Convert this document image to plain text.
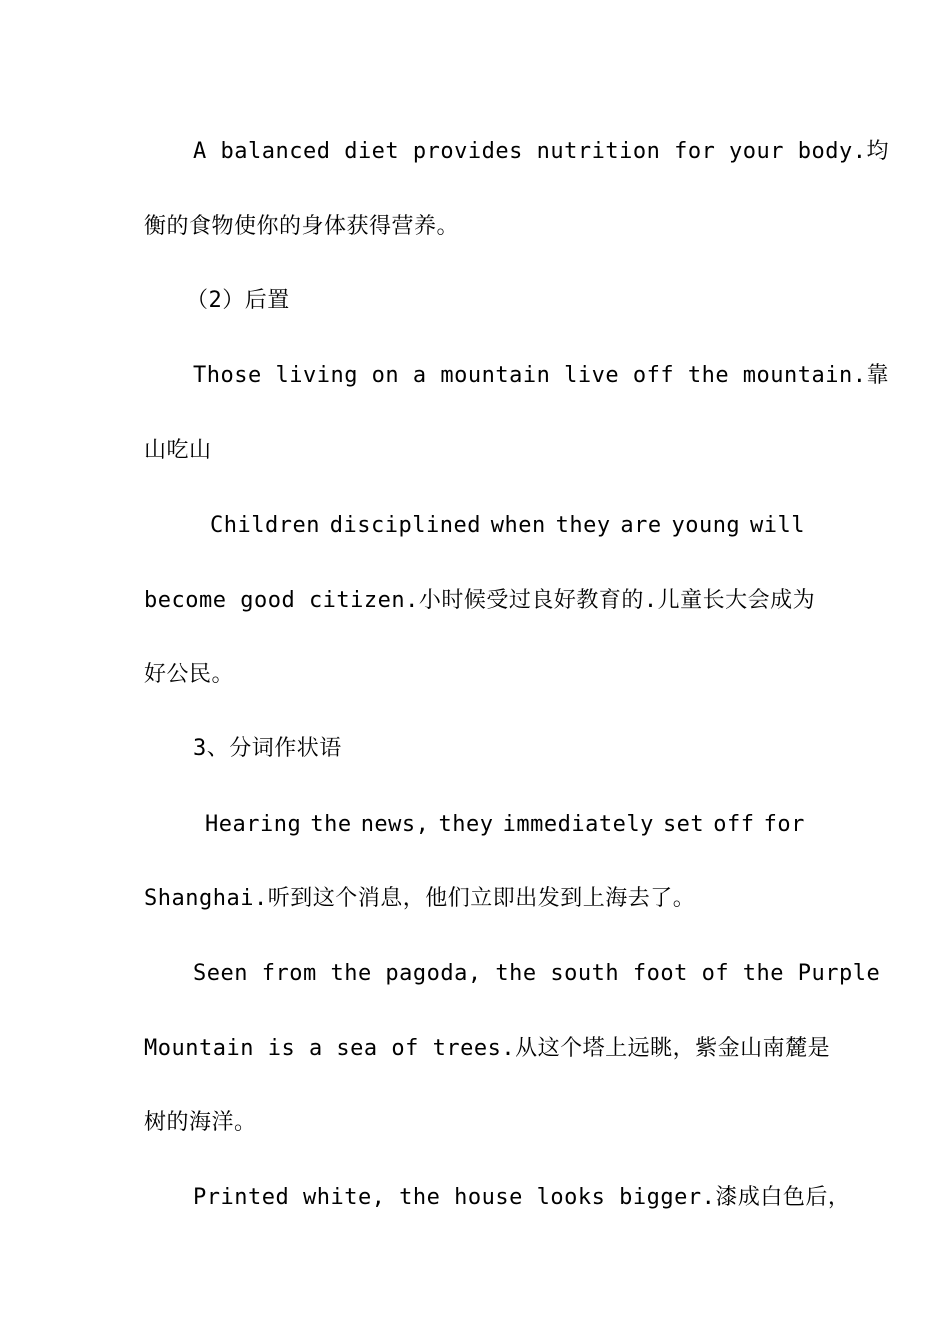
A balanced diet provides nutrition for your body.均
衡的食物使你的身体获得营养。
（2）后置
Those living on a mountain live off the mountain.靠
山吃山
Children disciplined when they are young will
become good citizen.小时候受过良好教育的.儿童长大会成为
好公民。
3、分词作状语
Hearing the news, they immediately set off for
Shanghai.听到这个消息，他们立即出发到上海去了。
Seen from the pagoda, the south foot of the Purple
Mountain is a sea of trees.从这个塔上远眺，紫金山南麓是
树的海洋。
Printed white, the house looks bigger.漆成白色后，
